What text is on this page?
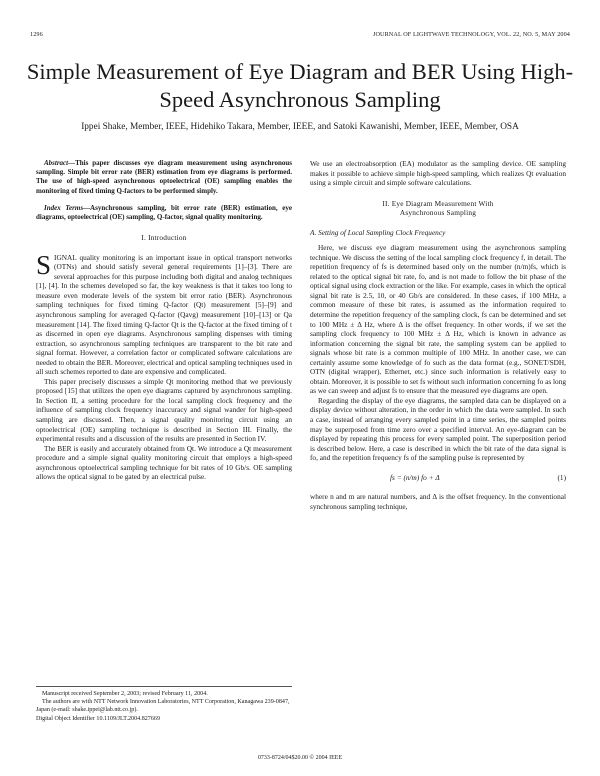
1296	JOURNAL OF LIGHTWAVE TECHNOLOGY, VOL. 22, NO. 5, MAY 2004
Simple Measurement of Eye Diagram and BER Using High-Speed Asynchronous Sampling
Ippei Shake, Member, IEEE, Hidehiko Takara, Member, IEEE, and Satoki Kawanishi, Member, IEEE, Member, OSA

Abstract—This paper discusses eye diagram measurement using asynchronous sampling. Simple bit error rate (BER) estimation from eye diagrams is performed. The use of high-speed asynchronous optoelectrical (OE) sampling enables the monitoring of fixed timing Q-factors to be performed simply.

Index Terms—Asynchronous sampling, bit error rate (BER) estimation, eye diagrams, optoelectrical (OE) sampling, Q-factor, signal quality monitoring.

I. Introduction

SIGNAL quality monitoring is an important issue in optical transport networks (OTNs) and should satisfy several general requirements [1]–[3]. There are several approaches for this purpose including both digital and analog techniques [1], [4]. In the schemes developed so far, the key weakness is that it takes too long to measure even moderate levels of the system bit error ratio (BER). Asynchronous sampling techniques for fixed timing Q-factor (Qt) measurement [5]–[9] and asynchronous sampling for averaged Q-factor (Qavg) measurement [10]–[13] or Qa measurement [14]. The fixed timing Q-factor Qt is the Q-factor at the fixed timing of t as discerned in open eye diagrams. Asynchronous sampling dispenses with timing extraction, so asynchronous sampling techniques are transparent to the bit rate and signal format. However, a correlation factor or complicated software calculations are needed to obtain the BER. Moreover, electrical and optical sampling techniques used in all such schemes reported to date are expensive and complicated.

This paper precisely discusses a simple Qt monitoring method that we previously proposed [15] that utilizes the open eye diagrams captured by asynchronous sampling. In Section II, a setting procedure for the local sampling clock frequency and the influence of sampling clock frequency inaccuracy and signal wander for high-speed sampling are discussed. Then, a signal quality monitoring circuit using an optoelectrical (OE) sampling technique is described in Section III. Finally, the experimental results and a discussion of the results are presented in Section IV.

The BER is easily and accurately obtained from Qt. We introduce a Qt measurement procedure and a simple signal quality monitoring circuit that employs a high-speed asynchronous optoelectrical sampling technique for bit rates of 10 Gb/s. OE sampling allows the optical signal to be gated by an electrical pulse.

We use an electroabsorption (EA) modulator as the sampling device. OE sampling makes it possible to achieve simple high-speed sampling, which realizes Qt evaluation using a simple circuit and simple software calculations.

II. Eye Diagram Measurement With
Asynchronous Sampling

A. Setting of Local Sampling Clock Frequency

Here, we discuss eye diagram measurement using the asynchronous sampling technique. We discuss the setting of the local sampling clock frequency f, in detail. The repetition frequency of fs is determined based only on the number (n/m)fs, which is related to the optical signal bit rate, fo, and is not made to follow the bit phase of the optical signal using clock extraction or the like. For example, cases in which the optical signal bit rate is 2.5, 10, or 40 Gb/s are considered. In these cases, if 100 MHz, a common measure of these bit rates, is assumed as the information required to determine the repetition frequency of the sampling clock, fs can be determined and set to 100 MHz ± Δ Hz, where Δ is the offset frequency. In other words, if we set the sampling clock frequency to 100 MHz ± Δ Hz, which is known in advance as information concerning the signal bit rate, the sampling system can be applied to signals whose bit rate is a common multiple of 100 MHz. In another case, we can certainly assume some knowledge of fo such as the data format (e.g., SONET/SDH, OTN (digital wrapper), Ethernet, etc.) since such information is relatively easy to obtain. Moreover, it is possible to set fs without such information concerning fo as long as we can sweep and adjust fs to ensure that the measured eye diagrams are open.

Regarding the display of the eye diagrams, the sampled data can be displayed on a display device without alteration, in the order in which the data were sampled. In such a case, instead of arranging every sampled point in a time series, the sampled points may be superposed from time zero over a specified interval. An eye-diagram can be displayed by repeating this process for every sampled point. The superposition period is described below. Here, a case is described in which the bit rate of the data signal is fo, and the repetition frequency fs of the sampling pulse is represented by

fs = (n/m) fo + Δ	(1)

where n and m are natural numbers, and Δ is the offset frequency. In the conventional synchronous sampling technique,

Manuscript received September 2, 2003; revised February 11, 2004.

The authors are with NTT Network Innovation Laboratories, NTT Corporation, Kanagawa 239-0847, Japan (e-mail: shake.ippei@lab.ntt.co.jp).

Digital Object Identifier 10.1109/JLT.2004.827669

0733-8724/04$20.00 © 2004 IEEE
